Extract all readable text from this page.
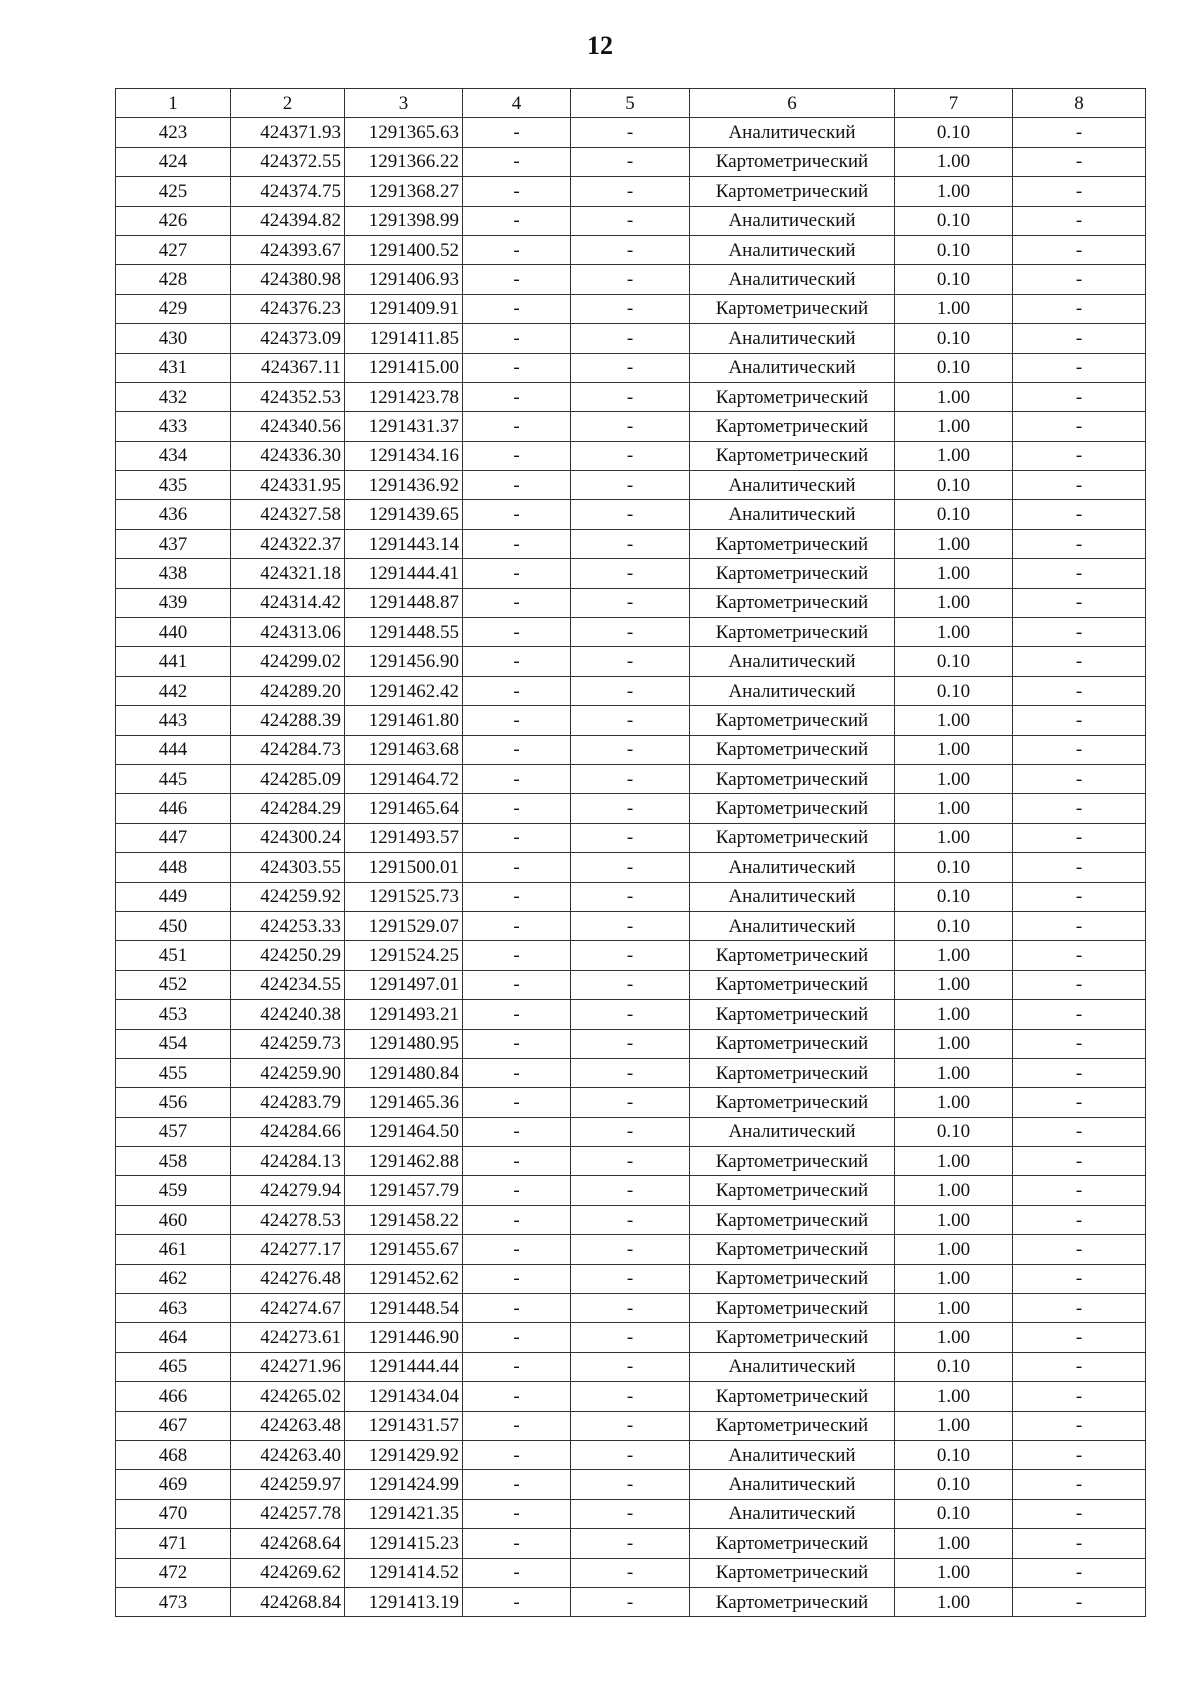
12
1	2	3	4	5	6	7	8
423	424371.93	1291365.63	-	-	Аналитический	0.10	-
424	424372.55	1291366.22	-	-	Картометрический	1.00	-
425	424374.75	1291368.27	-	-	Картометрический	1.00	-
426	424394.82	1291398.99	-	-	Аналитический	0.10	-
427	424393.67	1291400.52	-	-	Аналитический	0.10	-
428	424380.98	1291406.93	-	-	Аналитический	0.10	-
429	424376.23	1291409.91	-	-	Картометрический	1.00	-
430	424373.09	1291411.85	-	-	Аналитический	0.10	-
431	424367.11	1291415.00	-	-	Аналитический	0.10	-
432	424352.53	1291423.78	-	-	Картометрический	1.00	-
433	424340.56	1291431.37	-	-	Картометрический	1.00	-
434	424336.30	1291434.16	-	-	Картометрический	1.00	-
435	424331.95	1291436.92	-	-	Аналитический	0.10	-
436	424327.58	1291439.65	-	-	Аналитический	0.10	-
437	424322.37	1291443.14	-	-	Картометрический	1.00	-
438	424321.18	1291444.41	-	-	Картометрический	1.00	-
439	424314.42	1291448.87	-	-	Картометрический	1.00	-
440	424313.06	1291448.55	-	-	Картометрический	1.00	-
441	424299.02	1291456.90	-	-	Аналитический	0.10	-
442	424289.20	1291462.42	-	-	Аналитический	0.10	-
443	424288.39	1291461.80	-	-	Картометрический	1.00	-
444	424284.73	1291463.68	-	-	Картометрический	1.00	-
445	424285.09	1291464.72	-	-	Картометрический	1.00	-
446	424284.29	1291465.64	-	-	Картометрический	1.00	-
447	424300.24	1291493.57	-	-	Картометрический	1.00	-
448	424303.55	1291500.01	-	-	Аналитический	0.10	-
449	424259.92	1291525.73	-	-	Аналитический	0.10	-
450	424253.33	1291529.07	-	-	Аналитический	0.10	-
451	424250.29	1291524.25	-	-	Картометрический	1.00	-
452	424234.55	1291497.01	-	-	Картометрический	1.00	-
453	424240.38	1291493.21	-	-	Картометрический	1.00	-
454	424259.73	1291480.95	-	-	Картометрический	1.00	-
455	424259.90	1291480.84	-	-	Картометрический	1.00	-
456	424283.79	1291465.36	-	-	Картометрический	1.00	-
457	424284.66	1291464.50	-	-	Аналитический	0.10	-
458	424284.13	1291462.88	-	-	Картометрический	1.00	-
459	424279.94	1291457.79	-	-	Картометрический	1.00	-
460	424278.53	1291458.22	-	-	Картометрический	1.00	-
461	424277.17	1291455.67	-	-	Картометрический	1.00	-
462	424276.48	1291452.62	-	-	Картометрический	1.00	-
463	424274.67	1291448.54	-	-	Картометрический	1.00	-
464	424273.61	1291446.90	-	-	Картометрический	1.00	-
465	424271.96	1291444.44	-	-	Аналитический	0.10	-
466	424265.02	1291434.04	-	-	Картометрический	1.00	-
467	424263.48	1291431.57	-	-	Картометрический	1.00	-
468	424263.40	1291429.92	-	-	Аналитический	0.10	-
469	424259.97	1291424.99	-	-	Аналитический	0.10	-
470	424257.78	1291421.35	-	-	Аналитический	0.10	-
471	424268.64	1291415.23	-	-	Картометрический	1.00	-
472	424269.62	1291414.52	-	-	Картометрический	1.00	-
473	424268.84	1291413.19	-	-	Картометрический	1.00	-
